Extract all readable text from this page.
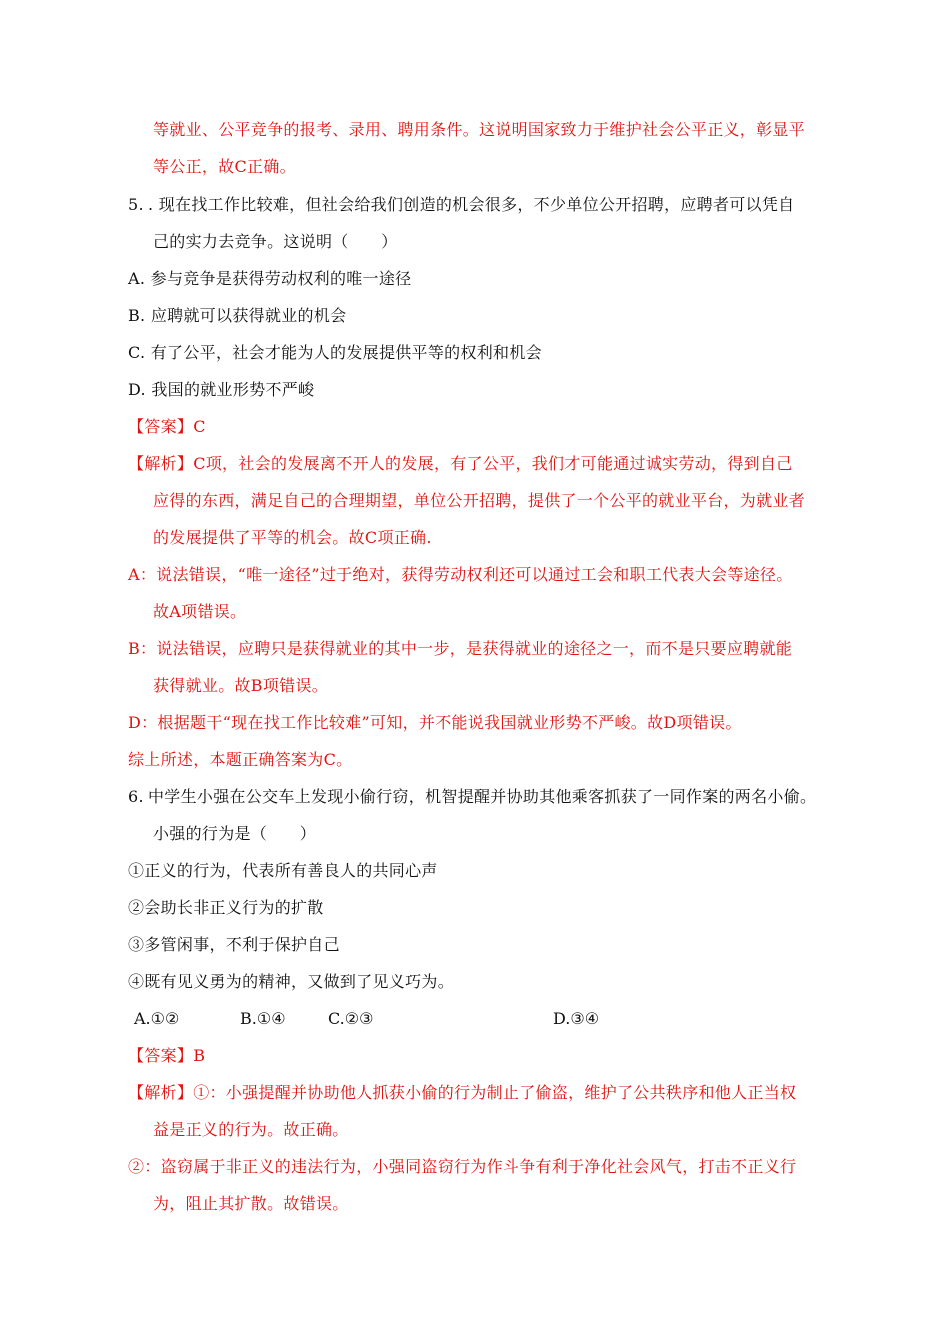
等就业、公平竞争的报考、录用、聘用条件。这说明国家致力于维护社会公平正义，彰显平
等公正，故C正确。
5. . 现在找工作比较难，但社会给我们创造的机会很多，不少单位公开招聘，应聘者可以凭自
己的实力去竞争。这说明（　　）
A. 参与竞争是获得劳动权利的唯一途径
B. 应聘就可以获得就业的机会
C. 有了公平，社会才能为人的发展提供平等的权利和机会
D. 我国的就业形势不严峻
【答案】C
【解析】C项，社会的发展离不开人的发展，有了公平，我们才可能通过诚实劳动，得到自己
应得的东西，满足自己的合理期望，单位公开招聘，提供了一个公平的就业平台，为就业者
的发展提供了平等的机会。故C项正确.
A：说法错误，“唯一途径”过于绝对，获得劳动权利还可以通过工会和职工代表大会等途径。
故A项错误。
B：说法错误，应聘只是获得就业的其中一步，是获得就业的途径之一，而不是只要应聘就能
获得就业。故B项错误。
D：根据题干“现在找工作比较难”可知，并不能说我国就业形势不严峻。故D项错误。
综上所述，本题正确答案为C。
6. 中学生小强在公交车上发现小偷行窃，机智提醒并协助其他乘客抓获了一同作案的两名小偷。
小强的行为是（　　）
①正义的行为，代表所有善良人的共同心声
②会助长非正义行为的扩散
③多管闲事，不利于保护自己
④既有见义勇为的精神，又做到了见义巧为。
A.①②	B.①④	C.②③	D.③④
【答案】B
【解析】①：小强提醒并协助他人抓获小偷的行为制止了偷盗，维护了公共秩序和他人正当权
益是正义的行为。故正确。
②：盗窃属于非正义的违法行为，小强同盗窃行为作斗争有利于净化社会风气，打击不正义行
为，阻止其扩散。故错误。
